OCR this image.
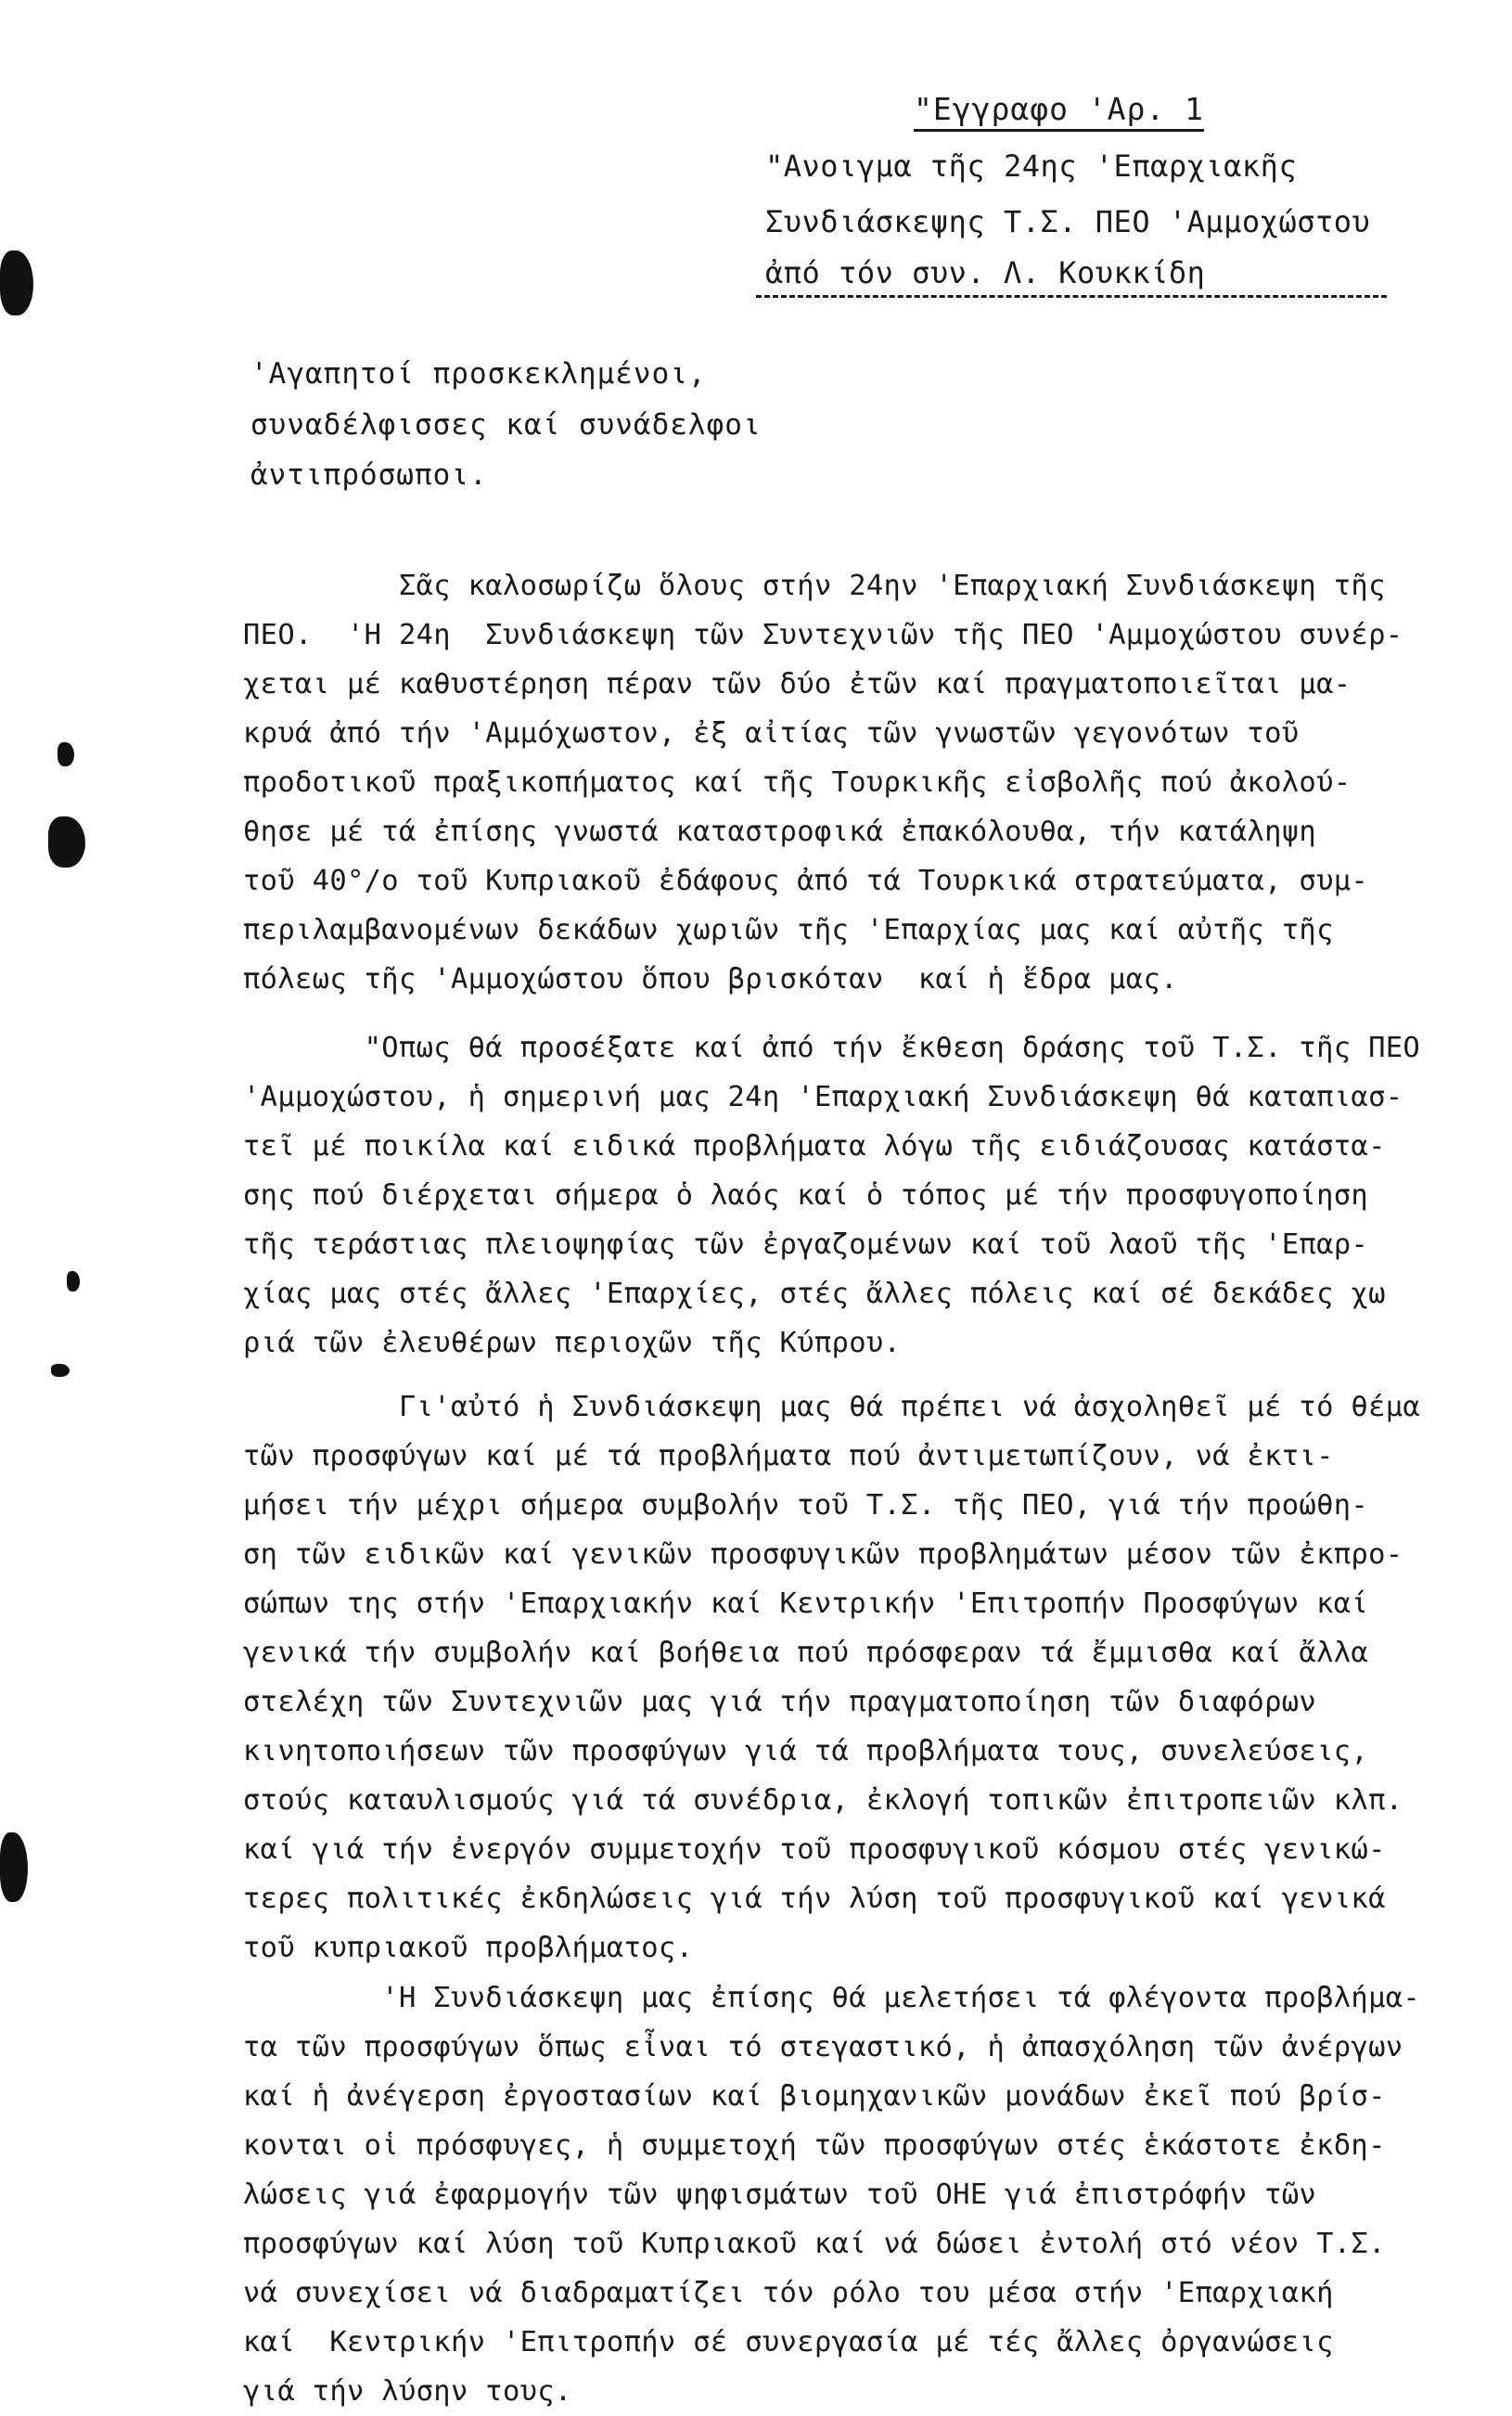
"Εγγραφο 'Αρ. 1
"Ανοιγμα τῆς 24ης 'Επαρχιακῆς
Συνδιάσκεψης Τ.Σ. ΠΕΟ 'Αμμοχώστου
ἀπό τόν συν. Λ. Κουκκίδη
'Αγαπητοί προσκεκλημένοι,
συναδέλφισσες καί συνάδελφοι
ἀντιπρόσωποι.
Σᾶς καλοσωρίζω ὅλους στήν 24ην 'Επαρχιακή Συνδιάσκεψη τῆς
ΠΕΟ.  'Η 24η  Συνδιάσκεψη τῶν Συντεχνιῶν τῆς ΠΕΟ 'Αμμοχώστου συνέρ-
χεται μέ καθυστέρηση πέραν τῶν δύο ἐτῶν καί πραγματοποιεῖται μα-
κρυά ἀπό τήν 'Αμμόχωστον, ἐξ αἰτίας τῶν γνωστῶν γεγονότων τοῦ
προδοτικοῦ πραξικοπήματος καί τῆς Τουρκικῆς εἰσβολῆς πού ἀκολού-
θησε μέ τά ἐπίσης γνωστά καταστροφικά ἐπακόλουθα, τήν κατάληψη
τοῦ 40°/ο τοῦ Κυπριακοῦ ἐδάφους ἀπό τά Τουρκικά στρατεύματα, συμ-
περιλαμβανομένων δεκάδων χωριῶν τῆς 'Επαρχίας μας καί αὐτῆς τῆς
πόλεως τῆς 'Αμμοχώστου ὅπου βρισκόταν  καί ἡ ἕδρα μας.
"Οπως θά προσέξατε καί ἀπό τήν ἔκθεση δράσης τοῦ Τ.Σ. τῆς ΠΕΟ
'Αμμοχώστου, ἡ σημερινή μας 24η 'Επαρχιακή Συνδιάσκεψη θά καταπιασ-
τεῖ μέ ποικίλα καί ειδικά προβλήματα λόγω τῆς ειδιάζουσας κατάστα-
σης πού διέρχεται σήμερα ὁ λαός καί ὁ τόπος μέ τήν προσφυγοποίηση
τῆς τεράστιας πλειοψηφίας τῶν ἐργαζομένων καί τοῦ λαοῦ τῆς 'Επαρ-
χίας μας στές ἄλλες 'Επαρχίες, στές ἄλλες πόλεις καί σέ δεκάδες χω
ριά τῶν ἐλευθέρων περιοχῶν τῆς Κύπρου.
Γι'αὐτό ἡ Συνδιάσκεψη μας θά πρέπει νά ἀσχοληθεῖ μέ τό θέμα
τῶν προσφύγων καί μέ τά προβλήματα πού ἀντιμετωπίζουν, νά ἐκτι-
μήσει τήν μέχρι σήμερα συμβολήν τοῦ Τ.Σ. τῆς ΠΕΟ, γιά τήν προώθη-
ση τῶν ειδικῶν καί γενικῶν προσφυγικῶν προβλημάτων μέσον τῶν ἐκπρο-
σώπων της στήν 'Επαρχιακήν καί Κεντρικήν 'Επιτροπήν Προσφύγων καί
γενικά τήν συμβολήν καί βοήθεια πού πρόσφεραν τά ἔμμισθα καί ἄλλα
στελέχη τῶν Συντεχνιῶν μας γιά τήν πραγματοποίηση τῶν διαφόρων
κινητοποιήσεων τῶν προσφύγων γιά τά προβλήματα τους, συνελεύσεις,
στούς καταυλισμούς γιά τά συνέδρια, ἐκλογή τοπικῶν ἐπιτροπειῶν κλπ.
καί γιά τήν ἐνεργόν συμμετοχήν τοῦ προσφυγικοῦ κόσμου στές γενικώ-
τερες πολιτικές ἐκδηλώσεις γιά τήν λύση τοῦ προσφυγικοῦ καί γενικά
τοῦ κυπριακοῦ προβλήματος.
'Η Συνδιάσκεψη μας ἐπίσης θά μελετήσει τά φλέγοντα προβλήμα-
τα τῶν προσφύγων ὅπως εἶναι τό στεγαστικό, ἡ ἀπασχόληση τῶν ἀνέργων
καί ἡ ἀνέγερση ἐργοστασίων καί βιομηχανικῶν μονάδων ἐκεῖ πού βρίσ-
κονται οἱ πρόσφυγες, ἡ συμμετοχή τῶν προσφύγων στές ἑκάστοτε ἐκδη-
λώσεις γιά ἐφαρμογήν τῶν ψηφισμάτων τοῦ ΟΗΕ γιά ἐπιστρόφήν τῶν
προσφύγων καί λύση τοῦ Κυπριακοῦ καί νά δώσει ἐντολή στό νέον Τ.Σ.
νά συνεχίσει νά διαδραματίζει τόν ρόλο του μέσα στήν 'Επαρχιακή
καί  Κεντρικήν 'Επιτροπήν σέ συνεργασία μέ τές ἄλλες ὀργανώσεις
γιά τήν λύσην τους.
